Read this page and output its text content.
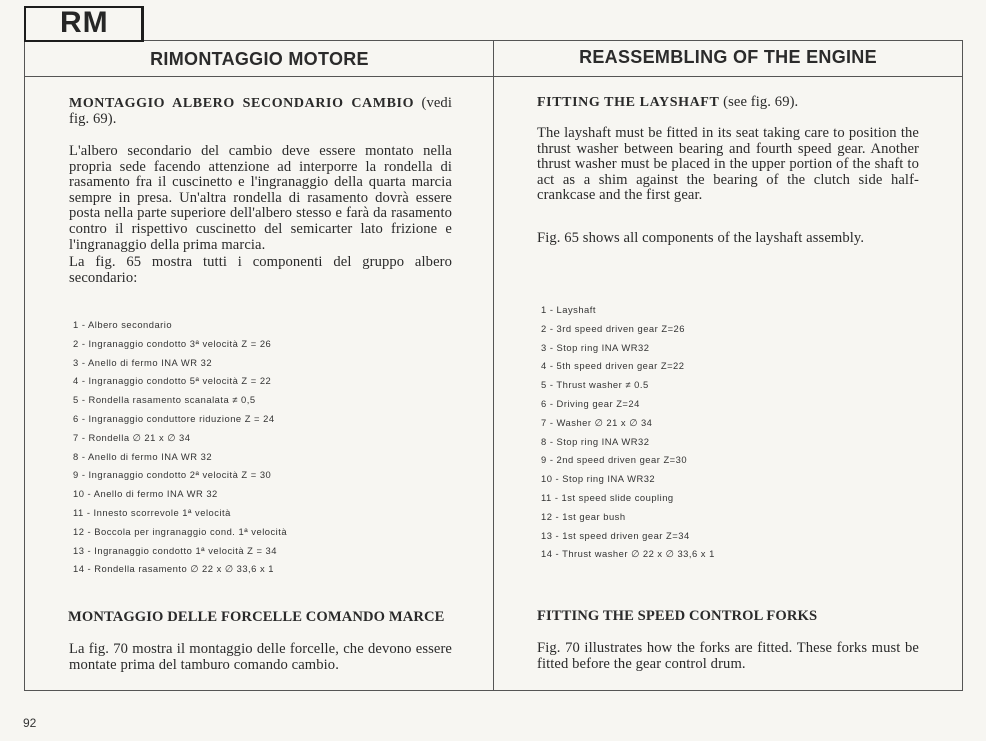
RM
RIMONTAGGIO MOTORE	REASSEMBLING OF THE ENGINE
MONTAGGIO ALBERO SECONDARIO CAMBIO (vedi fig. 69).
L'albero secondario del cambio deve essere montato nella propria sede facendo attenzione ad interporre la rondella di rasamento fra il cuscinetto e l'ingranaggio della quarta marcia sempre in presa. Un'altra rondella di rasamento dovrà essere posta nella parte superiore dell'albero stesso e farà da rasamento contro il rispettivo cuscinetto del semicarter lato frizione e l'ingranaggio della prima marcia.
La fig. 65 mostra tutti i componenti del gruppo albero secondario:
1 - Albero secondario
2 - Ingranaggio condotto 3ª velocità Z = 26
3 - Anello di fermo INA WR 32
4 - Ingranaggio condotto 5ª velocità Z = 22
5 - Rondella rasamento scanalata ≠ 0,5
6 - Ingranaggio conduttore riduzione Z = 24
7 - Rondella ∅ 21 x ∅ 34
8 - Anello di fermo INA WR 32
9 - Ingranaggio condotto 2ª velocità Z = 30
10 - Anello di fermo INA WR 32
11 - Innesto scorrevole 1ª velocità
12 - Boccola per ingranaggio cond. 1ª velocità
13 - Ingranaggio condotto 1ª velocità Z = 34
14 - Rondella rasamento ∅ 22 x ∅ 33,6 x 1
MONTAGGIO DELLE FORCELLE COMANDO MARCE
La fig. 70 mostra il montaggio delle forcelle, che devono essere montate prima del tamburo comando cambio.
FITTING THE LAYSHAFT (see fig. 69).
The layshaft must be fitted in its seat taking care to position the thrust washer between bearing and fourth speed gear. Another thrust washer must be placed in the upper portion of the shaft to act as a shim against the bearing of the clutch side half-crankcase and the first gear.
Fig. 65 shows all components of the layshaft assembly.
1 - Layshaft
2 - 3rd speed driven gear Z=26
3 - Stop ring INA WR32
4 - 5th speed driven gear Z=22
5 - Thrust washer ≠ 0.5
6 - Driving gear Z=24
7 - Washer ∅ 21 x ∅ 34
8 - Stop ring INA WR32
9 - 2nd speed driven gear Z=30
10 - Stop ring INA WR32
11 - 1st speed slide coupling
12 - 1st gear bush
13 - 1st speed driven gear Z=34
14 - Thrust washer ∅ 22 x ∅ 33,6 x 1
FITTING THE SPEED CONTROL FORKS
Fig. 70 illustrates how the forks are fitted. These forks must be fitted before the gear control drum.
92
